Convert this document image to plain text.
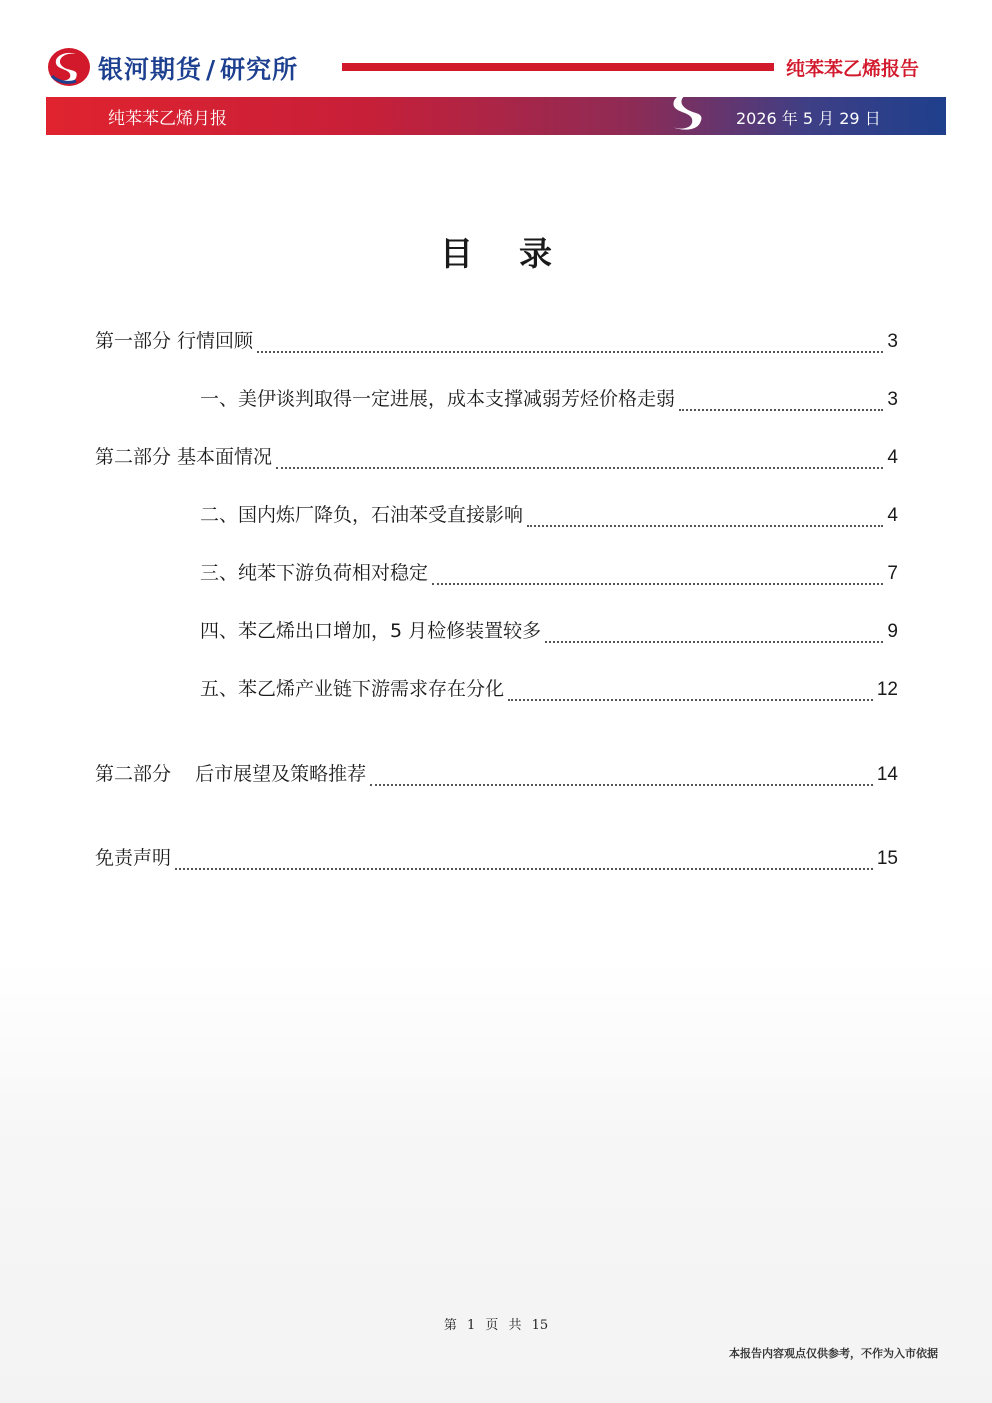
银河期货 / 研究所	纯苯苯乙烯报告
纯苯苯乙烯月报	2026 年 5 月 29 日
目录
第一部分 行情回顾	3
一、美伊谈判取得一定进展，成本支撑减弱芳烃价格走弱	3
第二部分 基本面情况	4
二、国内炼厂降负，石油苯受直接影响	4
三、纯苯下游负荷相对稳定	7
四、苯乙烯出口增加，5 月检修装置较多	9
五、苯乙烯产业链下游需求存在分化	12
第二部分    后市展望及策略推荐	14
免责声明	15
第 1 页 共 15
本报告内容观点仅供参考，不作为入市依据
